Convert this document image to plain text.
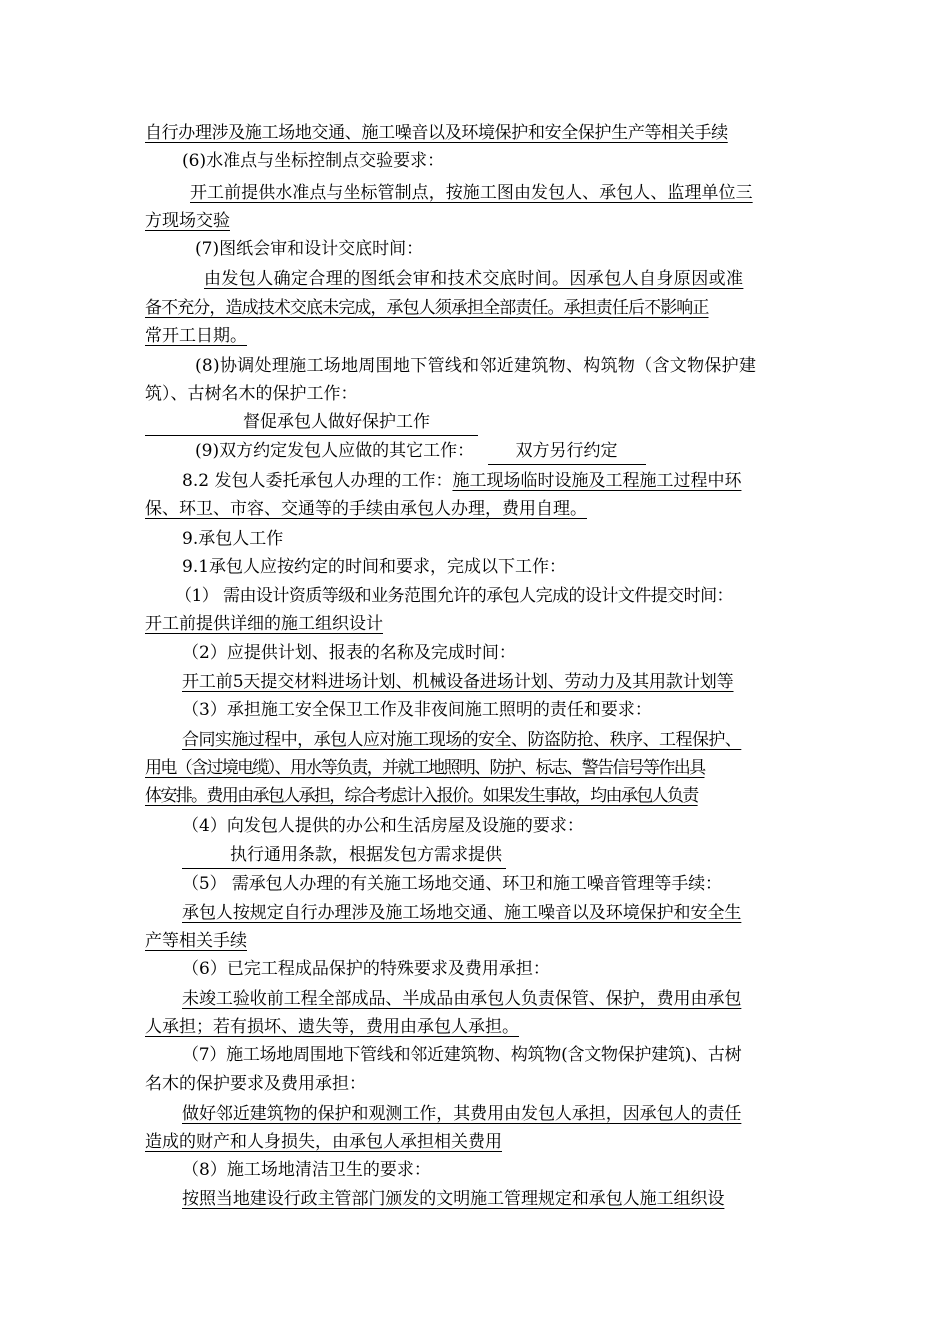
自行办理涉及施工场地交通、施工噪音以及环境保护和安全保护生产等相关手续

(6)水准点与坐标控制点交验要求：

开工前提供水准点与坐标管制点，按施工图由发包人、承包人、监理单位三

方现场交验

(7)图纸会审和设计交底时间：

由发包人确定合理的图纸会审和技术交底时间。因承包人自身原因或准

备不充分，造成技术交底未完成，承包人须承担全部责任。承担责任后不影响正

常开工日期。

(8)协调处理施工场地周围地下管线和邻近建筑物、构筑物（含文物保护建

筑）、古树名木的保护工作：

督促承包人做好保护工作

(9)双方约定发包人应做的其它工作： 双方另行约定

8.2 发包人委托承包人办理的工作：施工现场临时设施及工程施工过程中环

保、环卫、市容、交通等的手续由承包人办理，费用自理。

9.承包人工作

9.1承包人应按约定的时间和要求，完成以下工作：

（1） 需由设计资质等级和业务范围允许的承包人完成的设计文件提交时间：

开工前提供详细的施工组织设计

（2）应提供计划、报表的名称及完成时间：

开工前5天提交材料进场计划、机械设备进场计划、劳动力及其用款计划等

（3）承担施工安全保卫工作及非夜间施工照明的责任和要求：

合同实施过程中，承包人应对施工现场的安全、防盗防抢、秩序、工程保护、

用电（含过境电缆）、用水等负责，并就工地照明、防护、标志、警告信号等作出具

体安排。费用由承包人承担，综合考虑计入报价。如果发生事故，均由承包人负责

（4）向发包人提供的办公和生活房屋及设施的要求：

执行通用条款，根据发包方需求提供

（5） 需承包人办理的有关施工场地交通、环卫和施工噪音管理等手续：

承包人按规定自行办理涉及施工场地交通、施工噪音以及环境保护和安全生

产等相关手续

（6）已完工程成品保护的特殊要求及费用承担：

未竣工验收前工程全部成品、半成品由承包人负责保管、保护，费用由承包

人承担；若有损坏、遗失等，费用由承包人承担。

（7）施工场地周围地下管线和邻近建筑物、构筑物(含文物保护建筑)、古树

名木的保护要求及费用承担：

做好邻近建筑物的保护和观测工作，其费用由发包人承担，因承包人的责任

造成的财产和人身损失，由承包人承担相关费用

（8）施工场地清洁卫生的要求：

按照当地建设行政主管部门颁发的文明施工管理规定和承包人施工组织设
